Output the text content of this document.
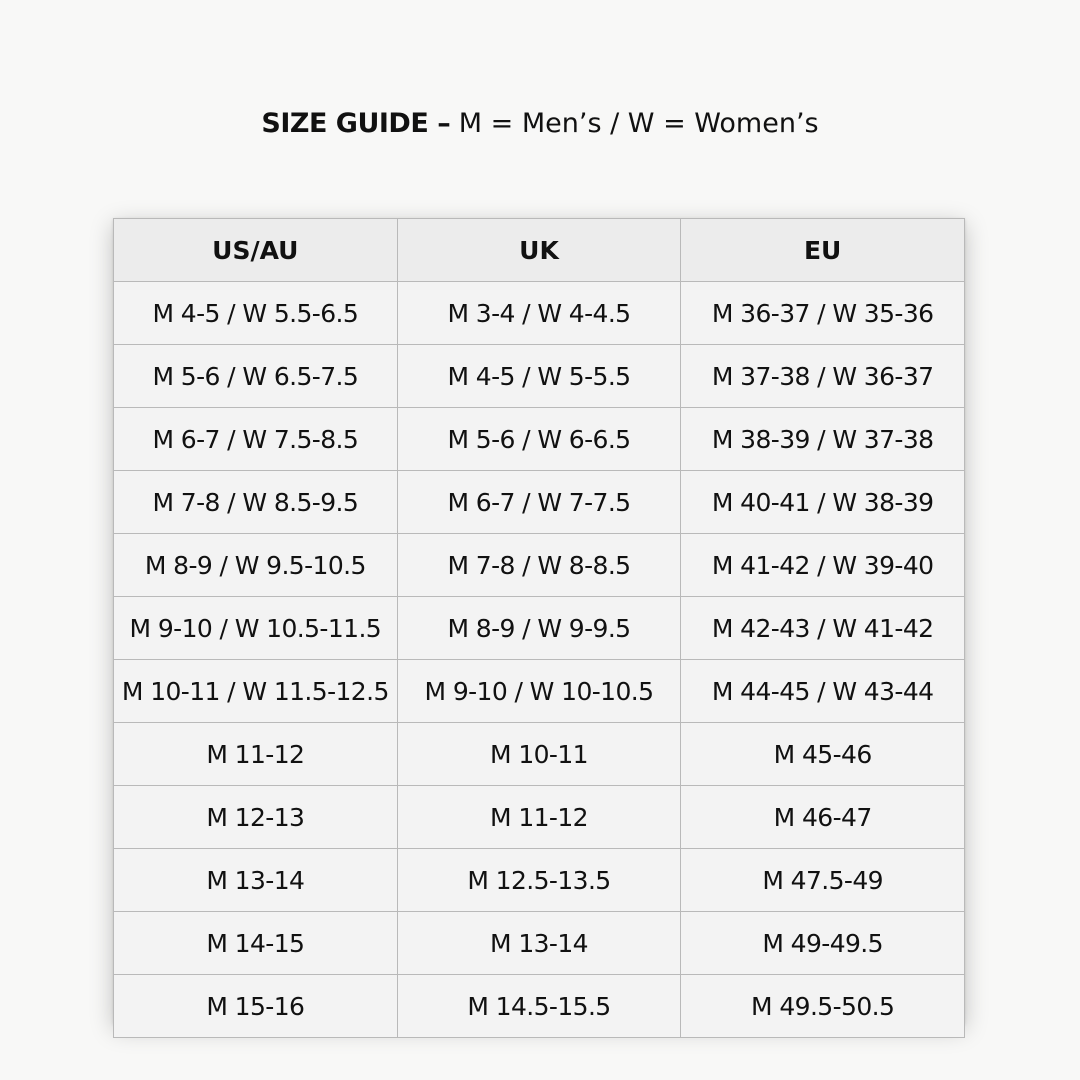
SIZE GUIDE – M = Men’s / W = Women’s
US/AU	UK	EU
M 4-5 / W 5.5-6.5	M 3-4 / W 4-4.5	M 36-37 / W 35-36
M 5-6 / W 6.5-7.5	M 4-5 / W 5-5.5	M 37-38 / W 36-37
M 6-7 / W 7.5-8.5	M 5-6 / W 6-6.5	M 38-39 / W 37-38
M 7-8 / W 8.5-9.5	M 6-7 / W 7-7.5	M 40-41 / W 38-39
M 8-9 / W 9.5-10.5	M 7-8 / W 8-8.5	M 41-42 / W 39-40
M 9-10 / W 10.5-11.5	M 8-9 / W 9-9.5	M 42-43 / W 41-42
M 10-11 / W 11.5-12.5	M 9-10 / W 10-10.5	M 44-45 / W 43-44
M 11-12	M 10-11	M 45-46
M 12-13	M 11-12	M 46-47
M 13-14	M 12.5-13.5	M 47.5-49
M 14-15	M 13-14	M 49-49.5
M 15-16	M 14.5-15.5	M 49.5-50.5
